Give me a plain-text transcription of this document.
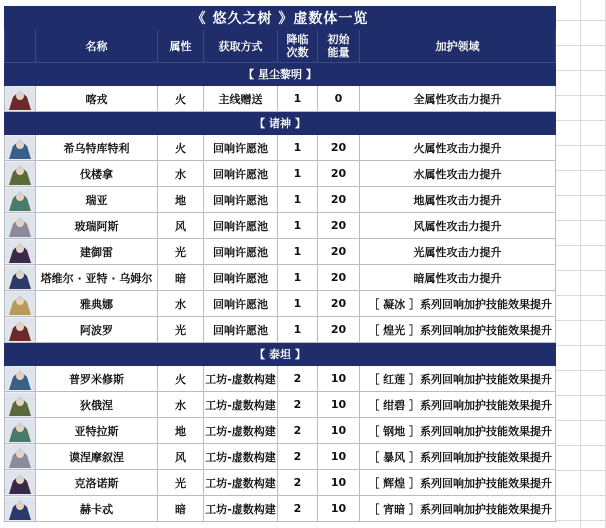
《 悠久之树 》虚数体一览						
	名称	属性	获取方式	降临次数	初始能量	加护领域
【 星尘黎明 】						

	喀戎	火	主线赠送	1	0	全属性攻击力提升
【 诸神 】						

	希乌特库特利	火	回响许愿池	1	20	火属性攻击力提升

	伐楼拿	水	回响许愿池	1	20	水属性攻击力提升

	瑞亚	地	回响许愿池	1	20	地属性攻击力提升

	玻瑞阿斯	风	回响许愿池	1	20	风属性攻击力提升

	建御雷	光	回响许愿池	1	20	光属性攻击力提升

	塔维尔 · 亚特 · 乌姆尔	暗	回响许愿池	1	20	暗属性攻击力提升

	雅典娜	水	回响许愿池	1	20	［ 凝冰 ］系列回响加护技能效果提升

	阿波罗	光	回响许愿池	1	20	［ 煌光 ］系列回响加护技能效果提升
【 泰坦 】						

	普罗米修斯	火	工坊-虚数构建	2	10	［ 红莲 ］系列回响加护技能效果提升

	狄俄涅	水	工坊-虚数构建	2	10	［ 绀碧 ］系列回响加护技能效果提升

	亚特拉斯	地	工坊-虚数构建	2	10	［ 钢地 ］系列回响加护技能效果提升

	谟涅摩叙涅	风	工坊-虚数构建	2	10	［ 暴风 ］系列回响加护技能效果提升

	克洛诺斯	光	工坊-虚数构建	2	10	［ 辉煌 ］系列回响加护技能效果提升

	赫卡忒	暗	工坊-虚数构建	2	10	［ 宵暗 ］系列回响加护技能效果提升
